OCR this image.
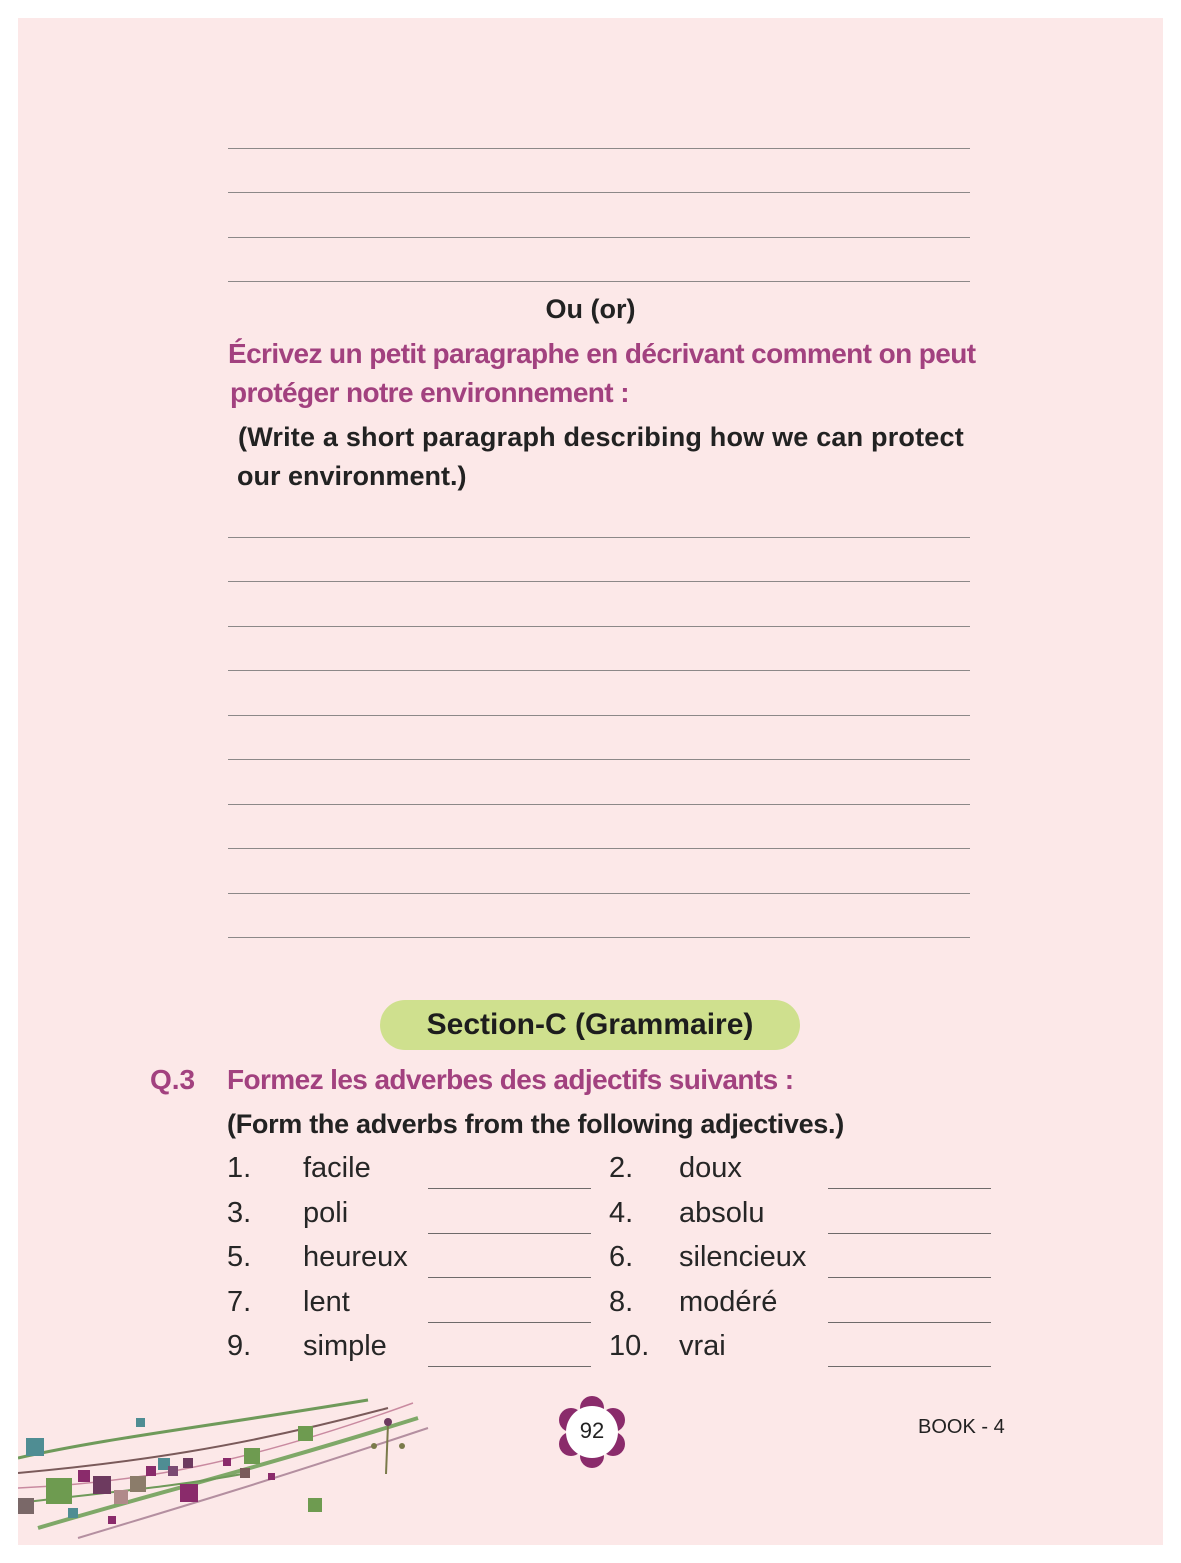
Ou (or)
Écrivez un petit paragraphe en décrivant comment on peut
protéger notre environnement :
(Write a short paragraph describing how we can protect
our environment.)
Section-C (Grammaire)
Q.3 Formez les adverbes des adjectifs suivants :
(Form the adverbs from the following adjectives.)
1. facile	2. doux
3. poli	4. absolu
5. heureux	6. silencieux
7. lent	8. modéré
9. simple	10. vrai
92	BOOK - 4
